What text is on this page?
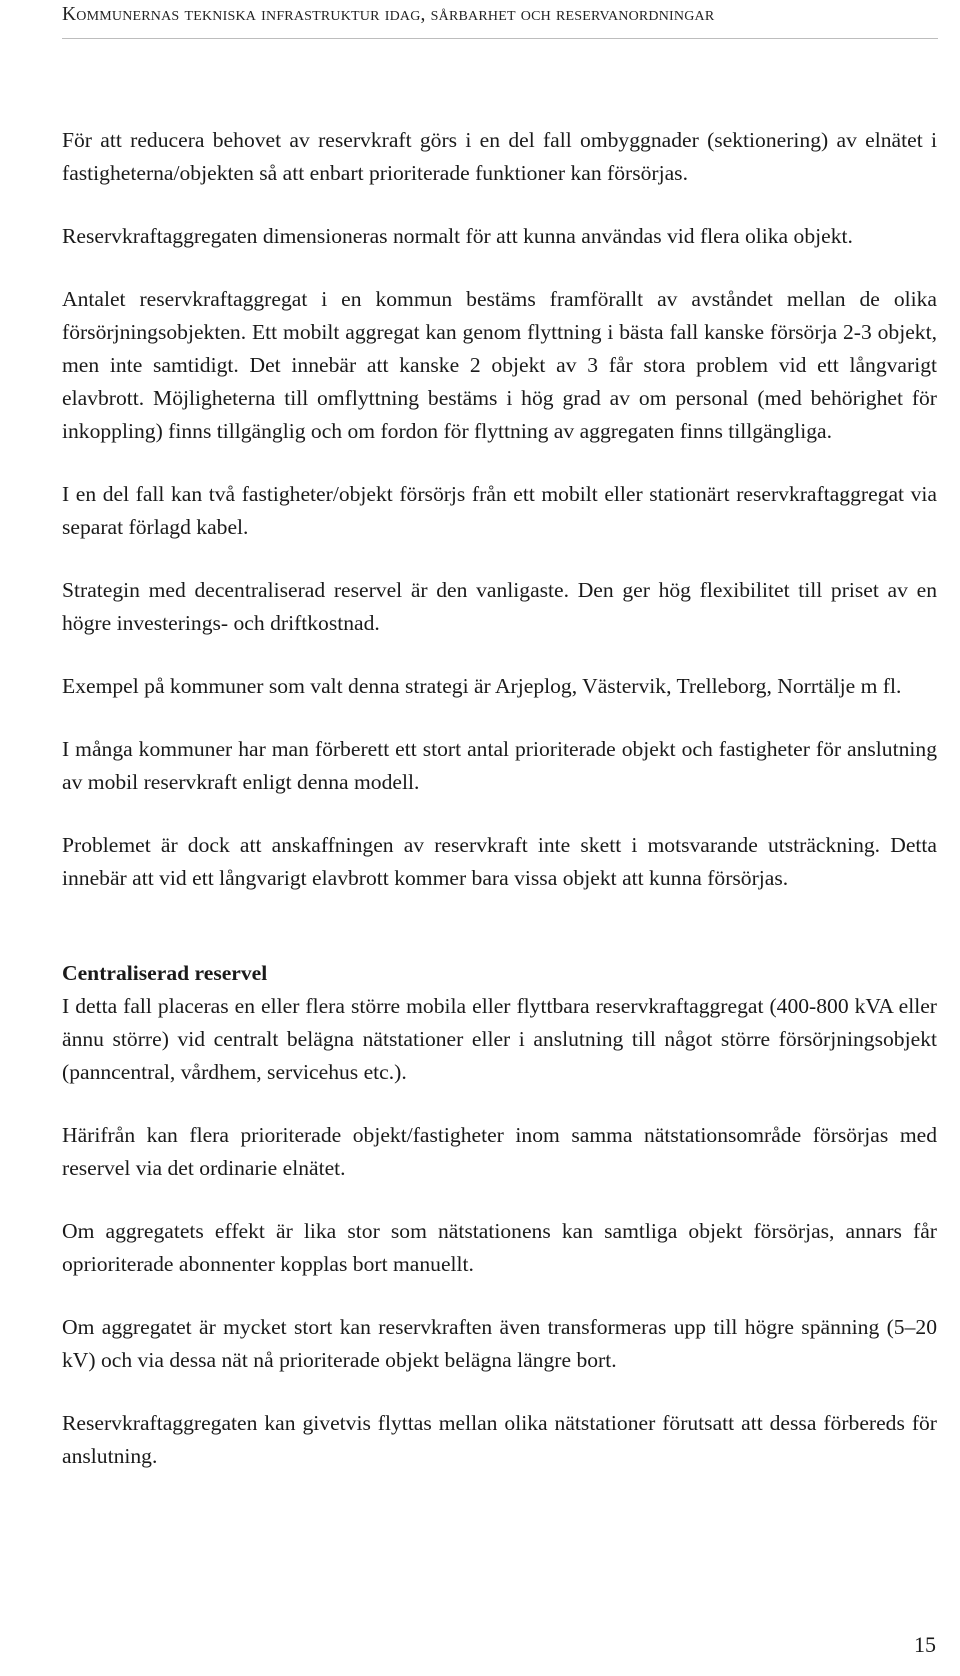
Kommunernas tekniska infrastruktur idag, sårbarhet och reservanordningar

För att reducera behovet av reservkraft görs i en del fall ombyggnader (sektionering) av elnätet i fastigheterna/objekten så att enbart prioriterade funktioner kan försörjas.

Reservkraftaggregaten dimensioneras normalt för att kunna användas vid flera olika objekt.

Antalet reservkraftaggregat i en kommun bestäms framförallt av avståndet mellan de olika försörjningsobjekten. Ett mobilt aggregat kan genom flyttning i bästa fall kanske försörja 2-3 objekt, men inte samtidigt. Det innebär att kanske 2 objekt av 3 får stora problem vid ett långvarigt elavbrott. Möjligheterna till omflyttning bestäms i hög grad av om personal (med behörighet för inkoppling) finns tillgänglig och om fordon för flyttning av aggregaten finns tillgängliga.

I en del fall kan två fastigheter/objekt försörjs från ett mobilt eller stationärt reservkraftaggregat via separat förlagd kabel.

Strategin med decentraliserad reservel är den vanligaste. Den ger hög flexibilitet till priset av en högre investerings- och driftkostnad.

Exempel på kommuner som valt denna strategi är Arjeplog, Västervik, Trelleborg, Norrtälje m fl.

I många kommuner har man förberett ett stort antal prioriterade objekt och fastigheter för anslutning av mobil reservkraft enligt denna modell.

Problemet är dock att anskaffningen av reservkraft inte skett i motsvarande utsträckning. Detta innebär att vid ett långvarigt elavbrott kommer bara vissa objekt att kunna försörjas.

Centraliserad reservel

I detta fall placeras en eller flera större mobila eller flyttbara reservkraftaggregat (400-800 kVA eller ännu större) vid centralt belägna nätstationer eller i anslutning till något större försörjningsobjekt (panncentral, vårdhem, servicehus etc.).

Härifrån kan flera prioriterade objekt/fastigheter inom samma nätstationsområde försörjas med reservel via det ordinarie elnätet.

Om aggregatets effekt är lika stor som nätstationens kan samtliga objekt försörjas, annars får oprioriterade abonnenter kopplas bort manuellt.

Om aggregatet är mycket stort kan reservkraften även transformeras upp till högre spänning (5–20 kV) och via dessa nät nå prioriterade objekt belägna längre bort.

Reservkraftaggregaten kan givetvis flyttas mellan olika nätstationer förutsatt att dessa förbereds för anslutning.

15
